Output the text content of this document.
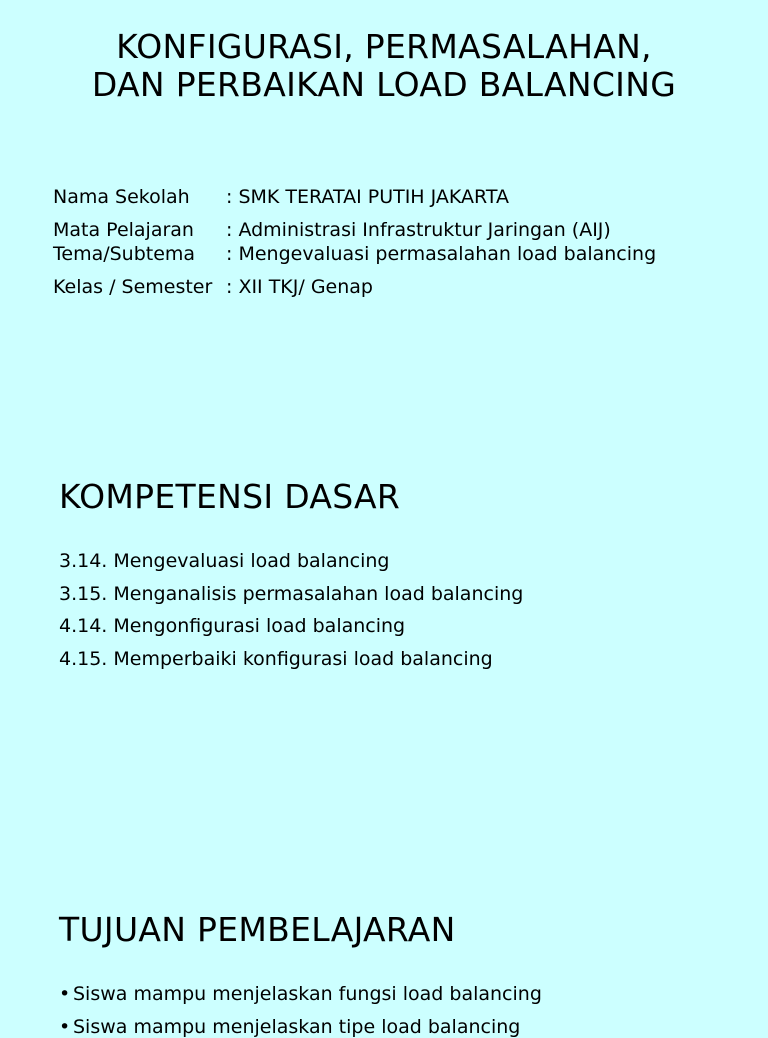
KONFIGURASI, PERMASALAHAN,
DAN PERBAIKAN LOAD BALANCING
Nama Sekolah	: SMK TERATAI PUTIH JAKARTA
Mata Pelajaran	: Administrasi Infrastruktur Jaringan (AIJ)
Tema/Subtema	: Mengevaluasi permasalahan load balancing
Kelas / Semester : XII TKJ/ Genap
KOMPETENSI DASAR
3.14. Mengevaluasi load balancing
3.15. Menganalisis permasalahan load balancing
4.14. Mengonfigurasi load balancing
4.15. Memperbaiki konfigurasi load balancing
TUJUAN PEMBELAJARAN
• Siswa mampu menjelaskan fungsi load balancing
• Siswa mampu menjelaskan tipe load balancing
